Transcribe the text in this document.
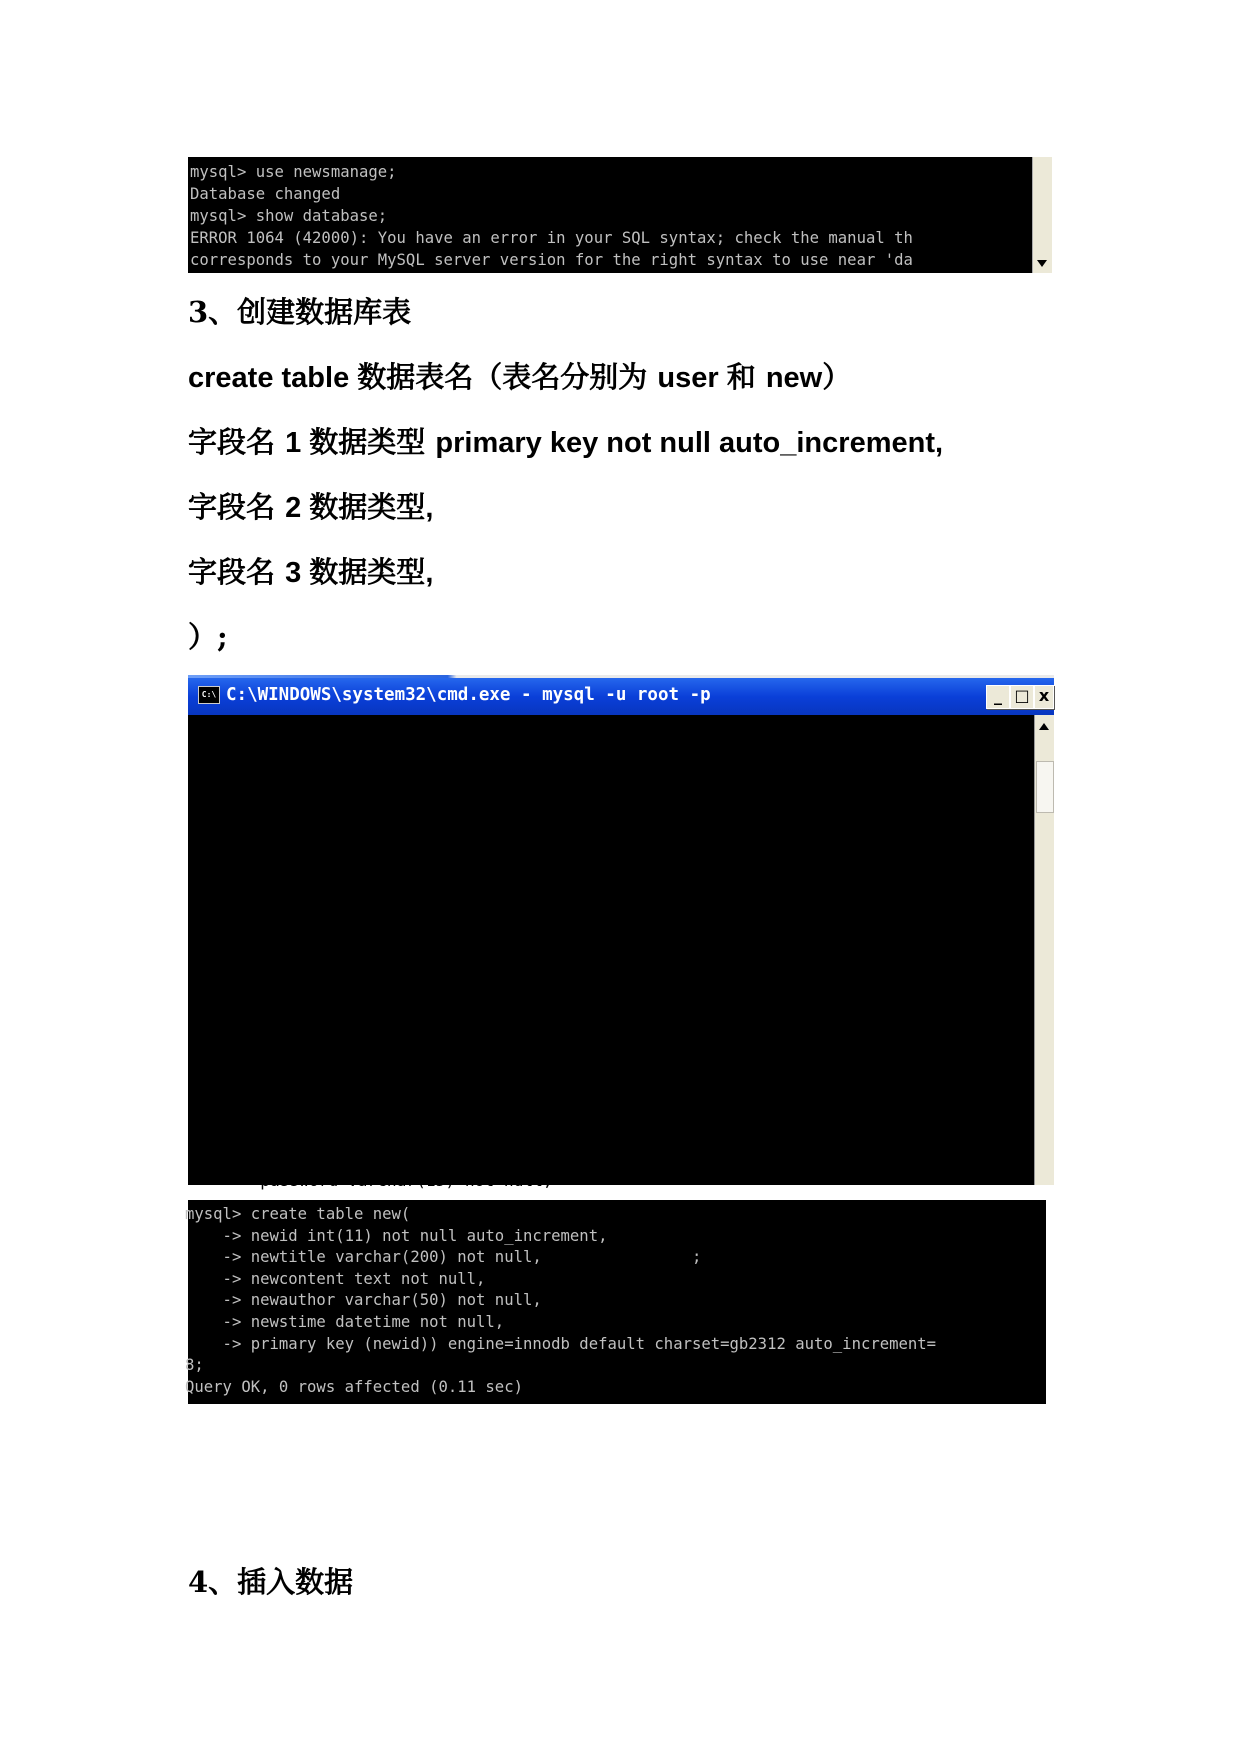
mysql> use newsmanage;
Database changed
mysql> show database;
ERROR 1064 (42000): You have an error in your SQL syntax; check the manual th
corresponds to your MySQL server version for the right syntax to use near 'da
3、创建数据库表
create table 数据表名（表名分别为 user 和 new）
字段名 1 数据类型 primary key not null auto_increment,
字段名 2 数据类型,
字段名 3 数据类型,
）;
C:\ C:\WINDOWS\system32\cmd.exe - mysql -u root -p	_ □ x
Database changed
mysql> show database;
ERROR 1064 (42000): You have an error in your SQL syntax; check the manual th
corresponds to your MySQL server version for the right syntax to use near 'da
ase' at line 1
mysql> show databases;
+--------------------+
| Database           |
+--------------------+
| information_schema |
| mysql              |
| newsmanage         |
| performance_schema |
| phpmyadmin         |
+--------------------+
5 rows in set (0.00 sec)

mysql> create table user(
-> id int (11) not null auto-increment,
-> name varchar(15) not null,
-> password varchar(15) not null,
mysql> create table new(
-> newid int(11) not null auto_increment,
-> newtitle varchar(200) not null,                ;
-> newcontent text not null,
-> newauthor varchar(50) not null,
-> newstime datetime not null,
-> primary key (newid)) engine=innodb default charset=gb2312 auto_increment=
8;
Query OK, 0 rows affected (0.11 sec)
4、插入数据
